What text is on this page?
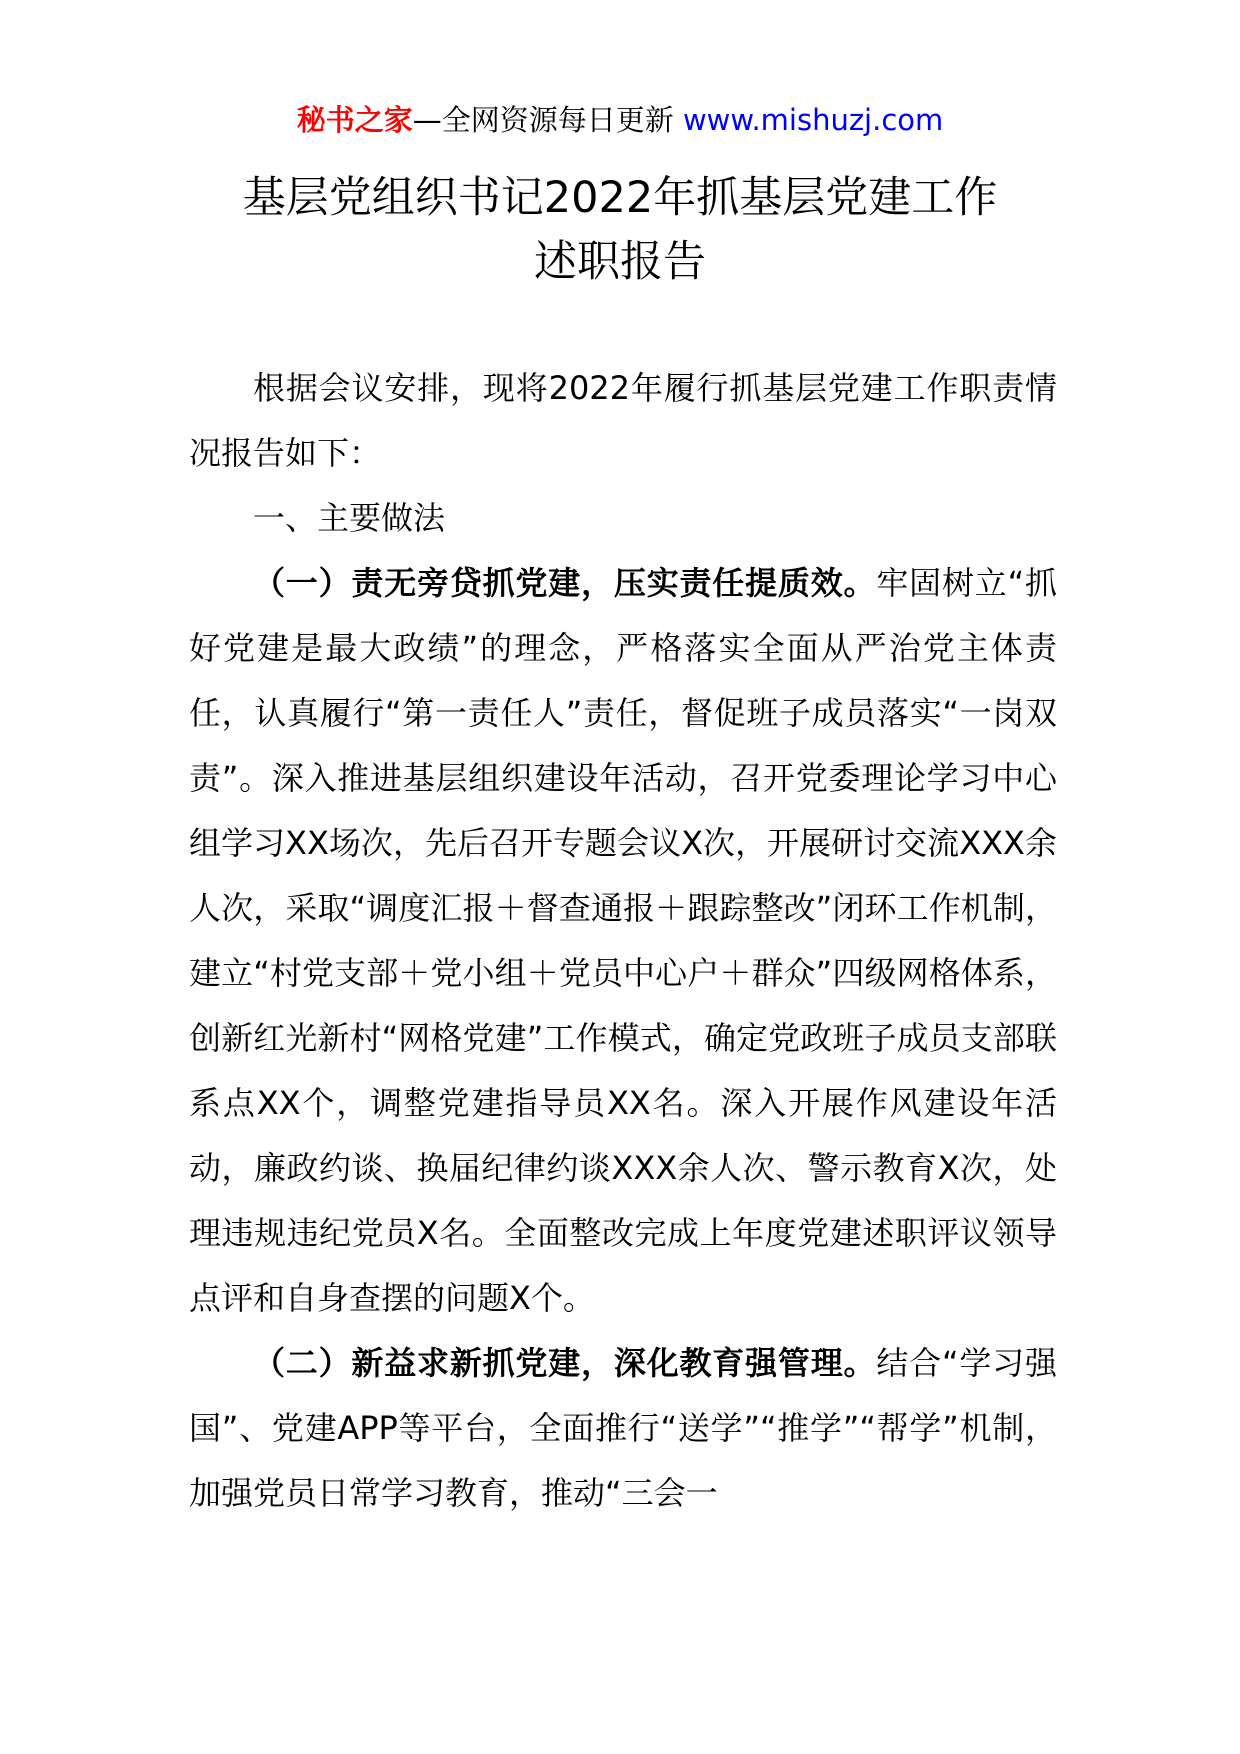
秘书之家—全网资源每日更新 www.mishuzj.com
基层党组织书记2022年抓基层党建工作
述职报告

根据会议安排，现将2022年履行抓基层党建工作职责情况报告如下：

一、主要做法

（一）责无旁贷抓党建，压实责任提质效。牢固树立“抓好党建是最大政绩”的理念，严格落实全面从严治党主体责任，认真履行“第一责任人”责任，督促班子成员落实“一岗双责”。深入推进基层组织建设年活动，召开党委理论学习中心组学习XX场次，先后召开专题会议X次，开展研讨交流XXX余人次，采取“调度汇报＋督查通报＋跟踪整改”闭环工作机制，建立“村党支部＋党小组＋党员中心户＋群众”四级网格体系，创新红光新村“网格党建”工作模式，确定党政班子成员支部联系点XX个，调整党建指导员XX名。深入开展作风建设年活动，廉政约谈、换届纪律约谈XXX余人次、警示教育X次，处理违规违纪党员X名。全面整改完成上年度党建述职评议领导点评和自身查摆的问题X个。

（二）新益求新抓党建，深化教育强管理。结合“学习强国”、党建APP等平台，全面推行“送学”“推学”“帮学”机制，加强党员日常学习教育，推动“三会一
